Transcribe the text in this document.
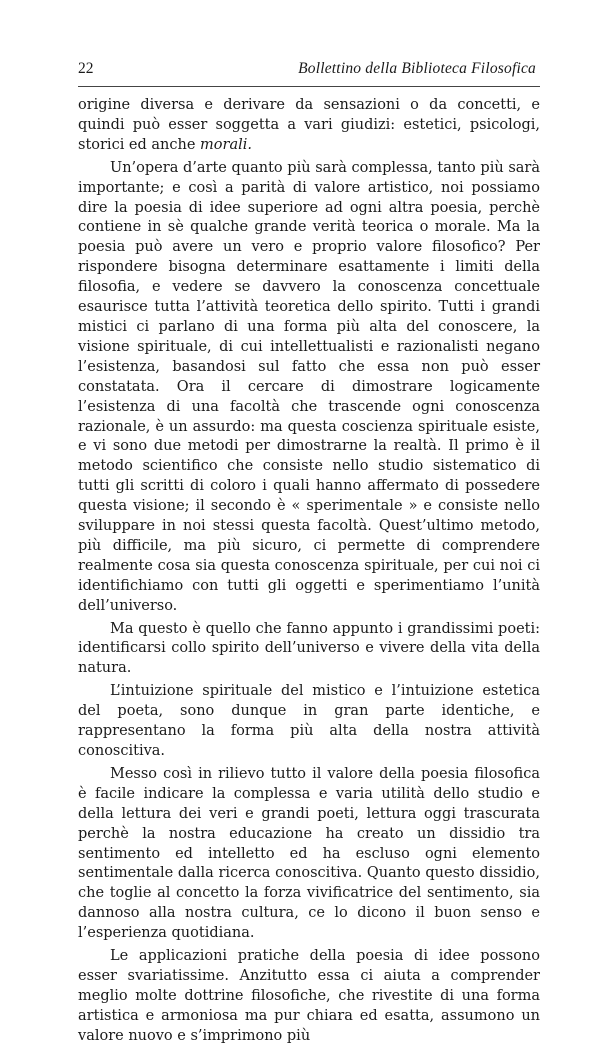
22	Bollettino della Biblioteca Filosofica

origine diversa e derivare da sensazioni o da concetti, e quindi può esser soggetta a vari giudizi: estetici, psicologi, storici ed anche morali.

Un’opera d’arte quanto più sarà complessa, tanto più sarà importante; e così a parità di valore artistico, noi possiamo dire la poesia di idee superiore ad ogni altra poesia, perchè contiene in sè qualche grande verità teorica o morale. Ma la poesia può avere un vero e proprio valore filosofico? Per rispondere bisogna determinare esattamente i limiti della filosofia, e vedere se davvero la conoscenza concettuale esaurisce tutta l’attività teoretica dello spirito. Tutti i grandi mistici ci parlano di una forma più alta del conoscere, la visione spirituale, di cui intellettualisti e razionalisti negano l’esistenza, basandosi sul fatto che essa non può esser constatata. Ora il cercare di dimostrare logicamente l’esistenza di una facoltà che trascende ogni conoscenza razionale, è un assurdo: ma questa coscienza spirituale esiste, e vi sono due metodi per dimostrarne la realtà. Il primo è il metodo scientifico che consiste nello studio sistematico di tutti gli scritti di coloro i quali hanno affermato di possedere questa visione; il secondo è « sperimentale » e consiste nello sviluppare in noi stessi questa facoltà. Quest’ultimo metodo, più difficile, ma più sicuro, ci permette di comprendere realmente cosa sia questa conoscenza spirituale, per cui noi ci identifichiamo con tutti gli oggetti e sperimentiamo l’unità dell’universo.

Ma questo è quello che fanno appunto i grandissimi poeti: identificarsi collo spirito dell’universo e vivere della vita della natura.

L’intuizione spirituale del mistico e l’intuizione estetica del poeta, sono dunque in gran parte identiche, e rappresentano la forma più alta della nostra attività conoscitiva.

Messo così in rilievo tutto il valore della poesia filosofica è facile indicare la complessa e varia utilità dello studio e della lettura dei veri e grandi poeti, lettura oggi trascurata perchè la nostra educazione ha creato un dissidio tra sentimento ed intelletto ed ha escluso ogni elemento sentimentale dalla ricerca conoscitiva. Quanto questo dissidio, che toglie al concetto la forza vivificatrice del sentimento, sia dannoso alla nostra cultura, ce lo dicono il buon senso e l’esperienza quotidiana.

Le applicazioni pratiche della poesia di idee possono esser svariatissime. Anzitutto essa ci aiuta a comprender meglio molte dottrine filosofiche, che rivestite di una forma artistica e armoniosa ma pur chiara ed esatta, assumono un valore nuovo e s’imprimono più
